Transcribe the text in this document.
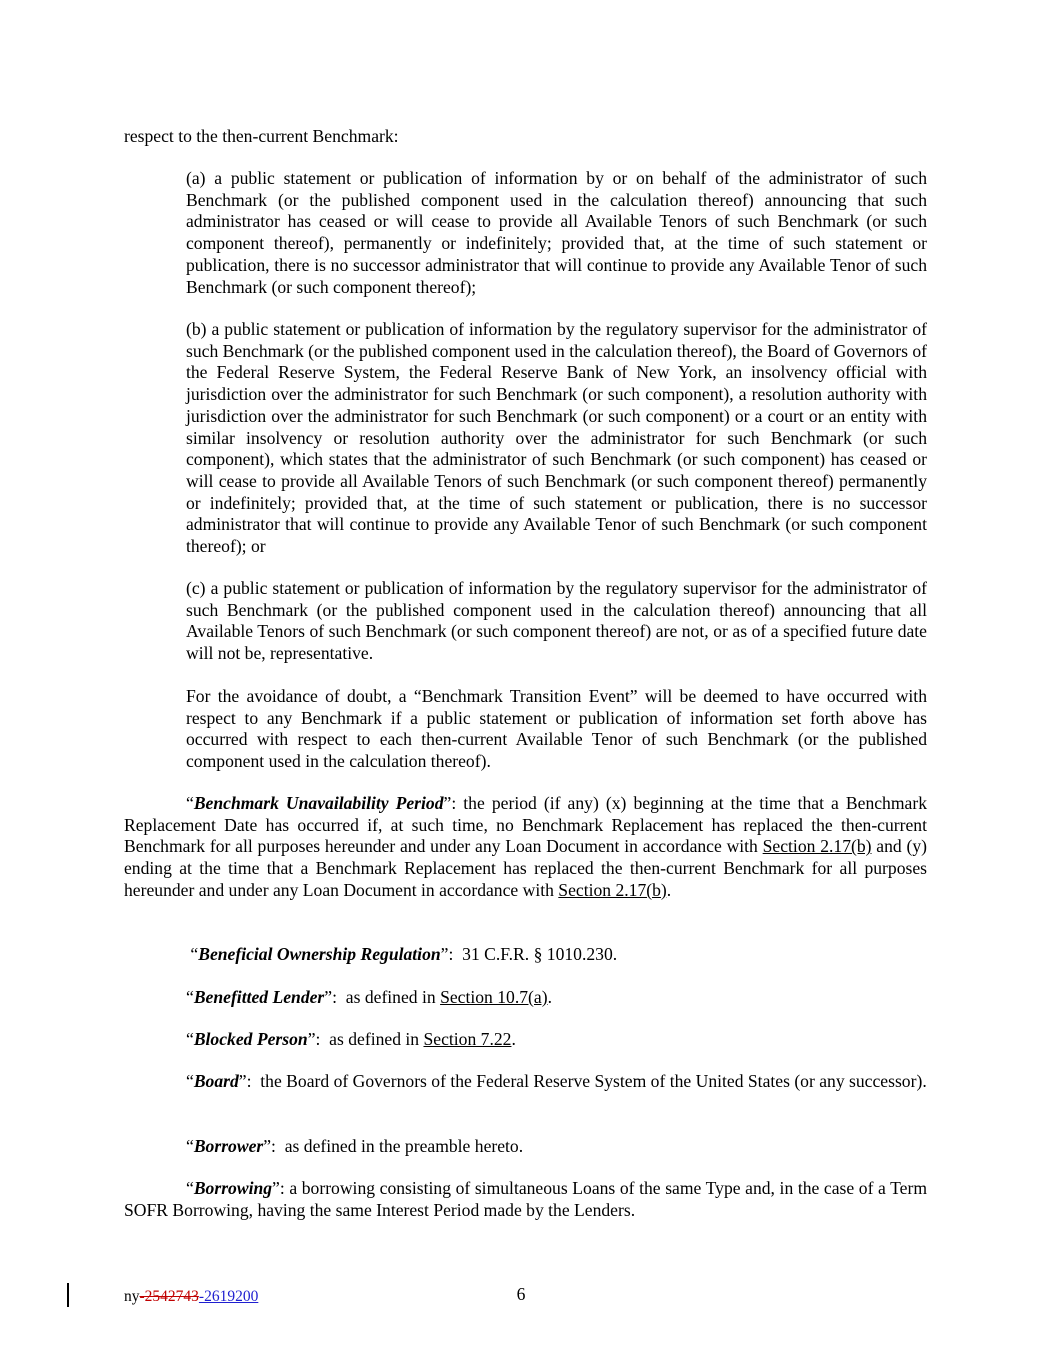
respect to the then-current Benchmark:

(a) a public statement or publication of information by or on behalf of the administrator of such Benchmark (or the published component used in the calculation thereof) announcing that such administrator has ceased or will cease to provide all Available Tenors of such Benchmark (or such component thereof), permanently or indefinitely; provided that, at the time of such statement or publication, there is no successor administrator that will continue to provide any Available Tenor of such Benchmark (or such component thereof);

(b) a public statement or publication of information by the regulatory supervisor for the administrator of such Benchmark (or the published component used in the calculation thereof), the Board of Governors of the Federal Reserve System, the Federal Reserve Bank of New York, an insolvency official with jurisdiction over the administrator for such Benchmark (or such component), a resolution authority with jurisdiction over the administrator for such Benchmark (or such component) or a court or an entity with similar insolvency or resolution authority over the administrator for such Benchmark (or such component), which states that the administrator of such Benchmark (or such component) has ceased or will cease to provide all Available Tenors of such Benchmark (or such component thereof) permanently or indefinitely; provided that, at the time of such statement or publication, there is no successor administrator that will continue to provide any Available Tenor of such Benchmark (or such component thereof); or

(c) a public statement or publication of information by the regulatory supervisor for the administrator of such Benchmark (or the published component used in the calculation thereof) announcing that all Available Tenors of such Benchmark (or such component thereof) are not, or as of a specified future date will not be, representative.

For the avoidance of doubt, a “Benchmark Transition Event” will be deemed to have occurred with respect to any Benchmark if a public statement or publication of information set forth above has occurred with respect to each then-current Available Tenor of such Benchmark (or the published component used in the calculation thereof).

“Benchmark Unavailability Period”: the period (if any) (x) beginning at the time that a Benchmark Replacement Date has occurred if, at such time, no Benchmark Replacement has replaced the then-current Benchmark for all purposes hereunder and under any Loan Document in accordance with Section 2.17(b) and (y) ending at the time that a Benchmark Replacement has replaced the then-current Benchmark for all purposes hereunder and under any Loan Document in accordance with Section 2.17(b).

“Beneficial Ownership Regulation”:  31 C.F.R. § 1010.230.

“Benefitted Lender”:  as defined in Section 10.7(a).

“Blocked Person”:  as defined in Section 7.22.

“Board”:  the Board of Governors of the Federal Reserve System of the United States (or any successor).

“Borrower”:  as defined in the preamble hereto.

“Borrowing”: a borrowing consisting of simultaneous Loans of the same Type and, in the case of a Term SOFR Borrowing, having the same Interest Period made by the Lenders.

ny-2542743-2619200	6
